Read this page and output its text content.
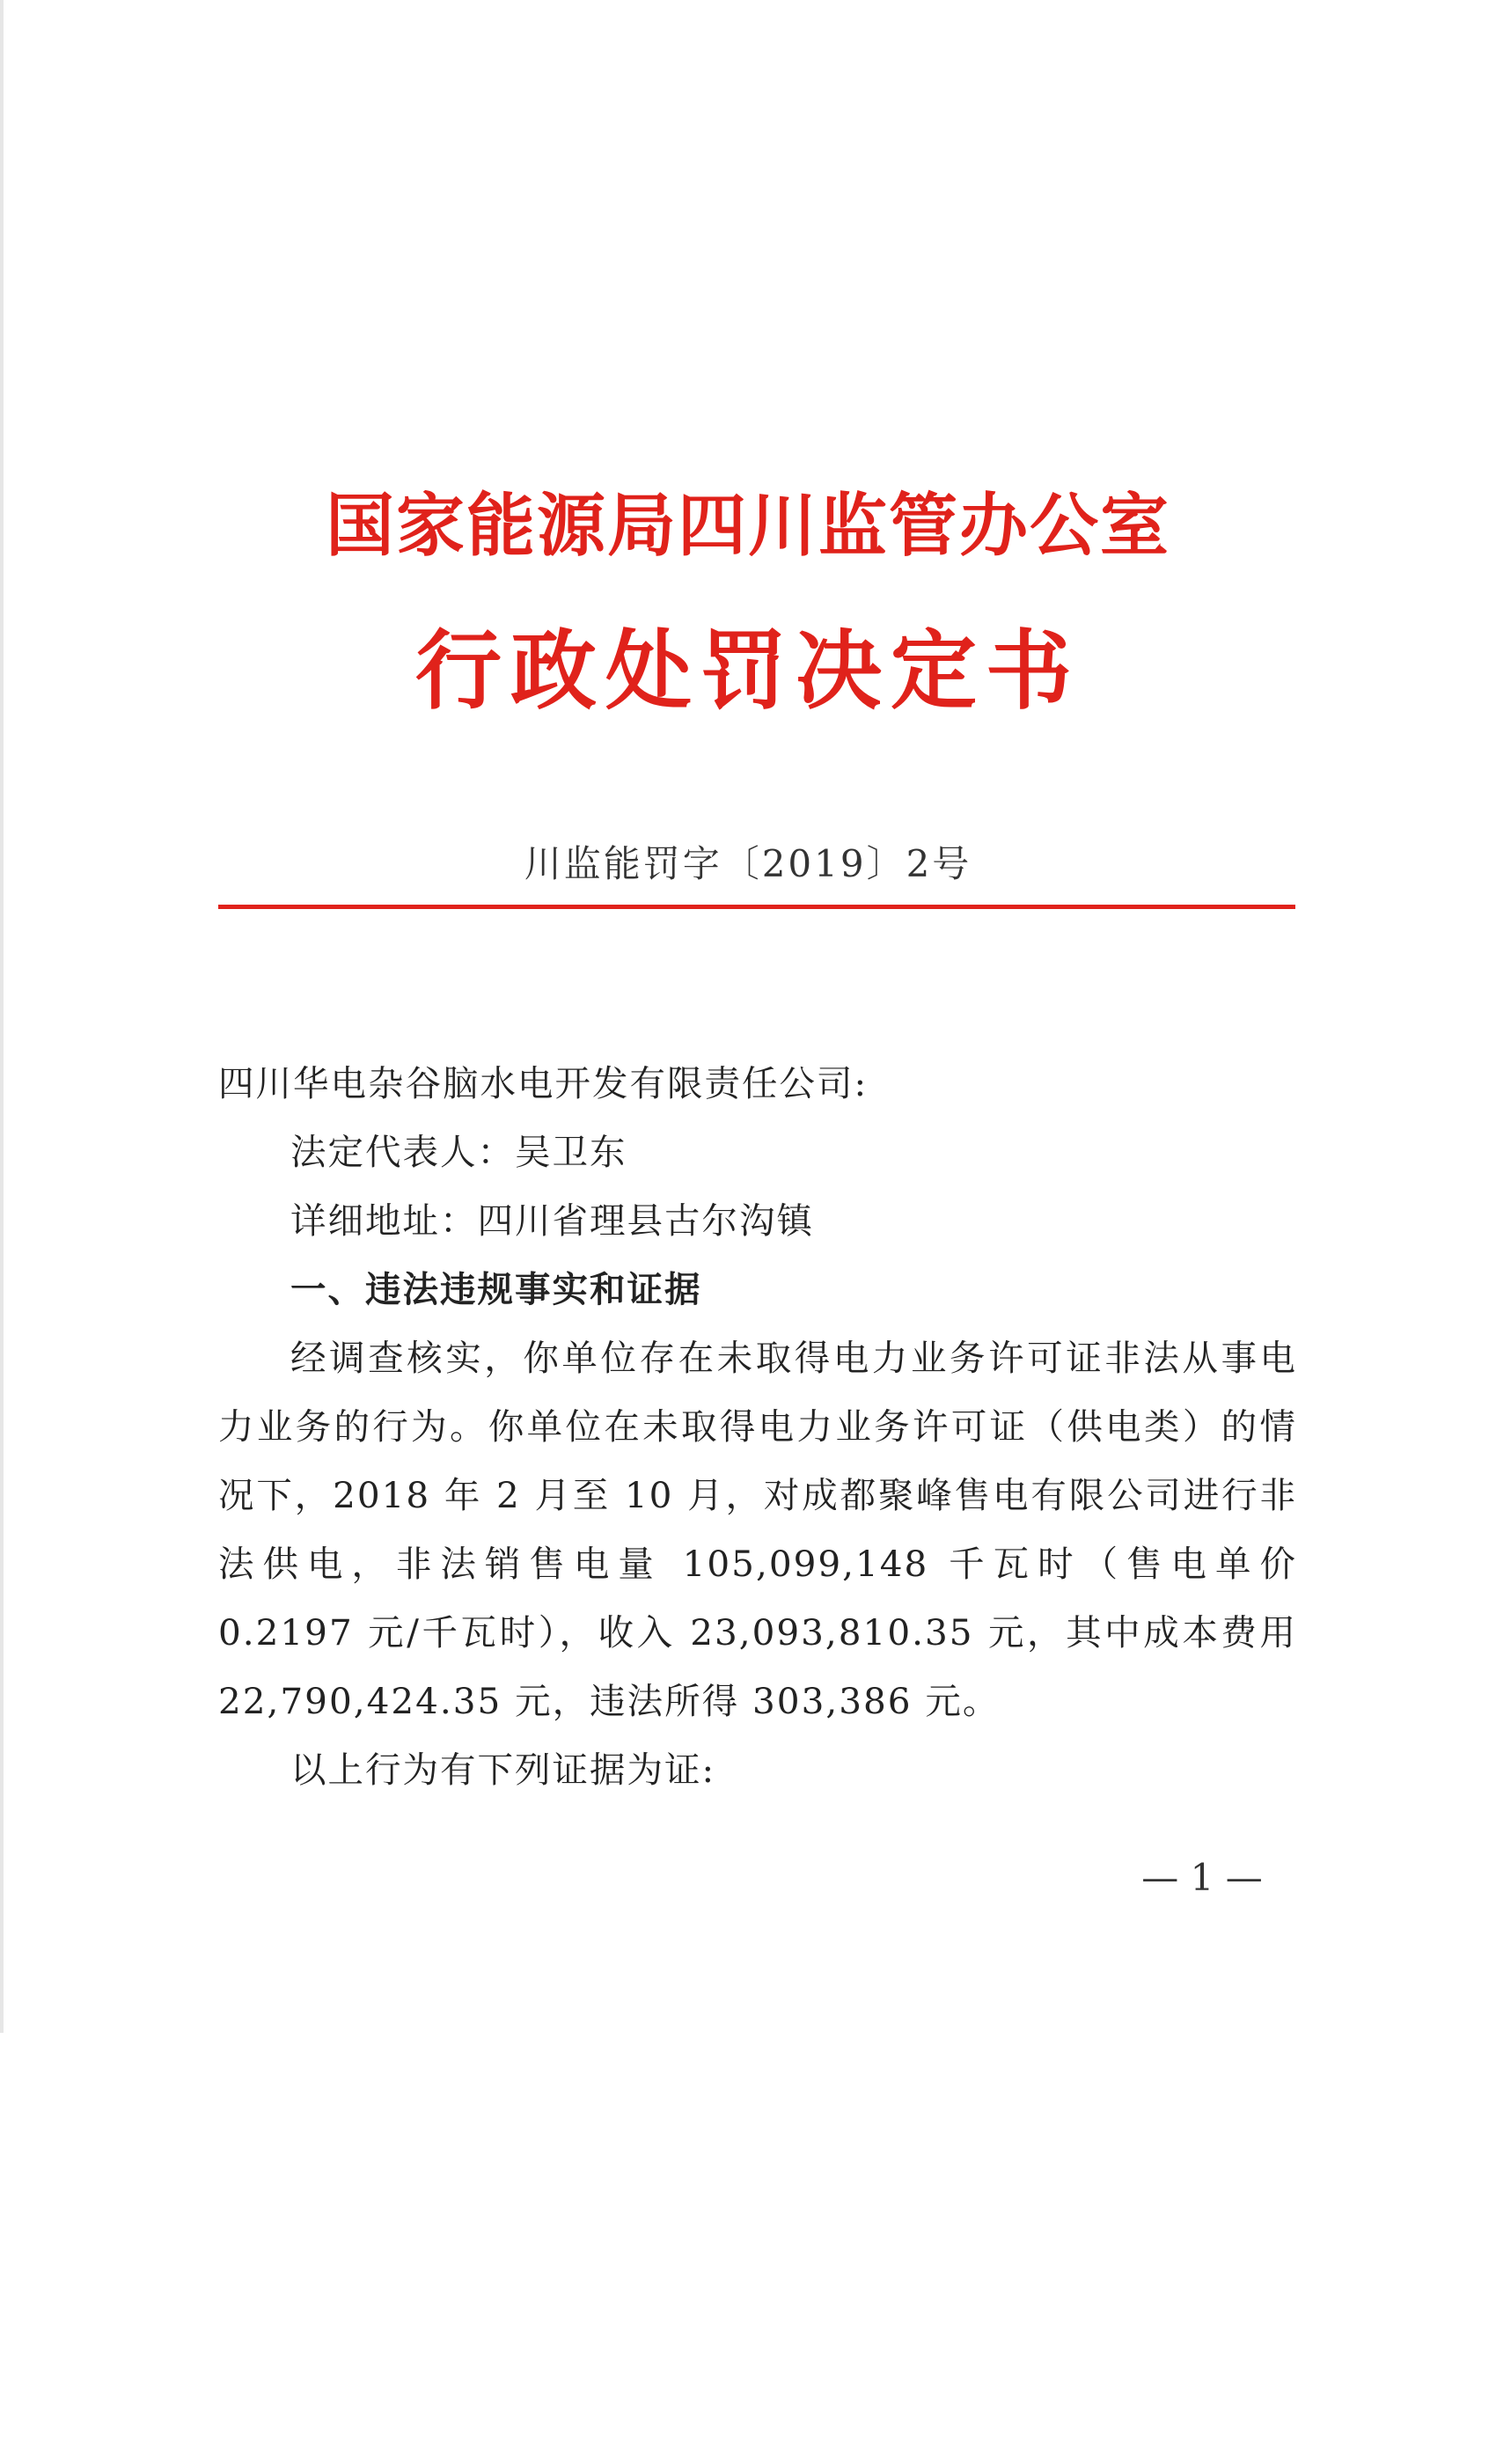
国家能源局四川监管办公室
行政处罚决定书
川监能罚字〔2019〕2号

四川华电杂谷脑水电开发有限责任公司:

法定代表人：吴卫东

详细地址：四川省理县古尔沟镇

一、违法违规事实和证据

经调查核实，你单位存在未取得电力业务许可证非法从事电力业务的行为。你单位在未取得电力业务许可证（供电类）的情况下，2018 年 2 月至 10 月，对成都聚峰售电有限公司进行非法供电，非法销售电量 105,099,148 千瓦时（售电单价 0.2197 元/千瓦时），收入 23,093,810.35 元，其中成本费用 22,790,424.35 元，违法所得 303,386 元。

以上行为有下列证据为证:

— 1 —
